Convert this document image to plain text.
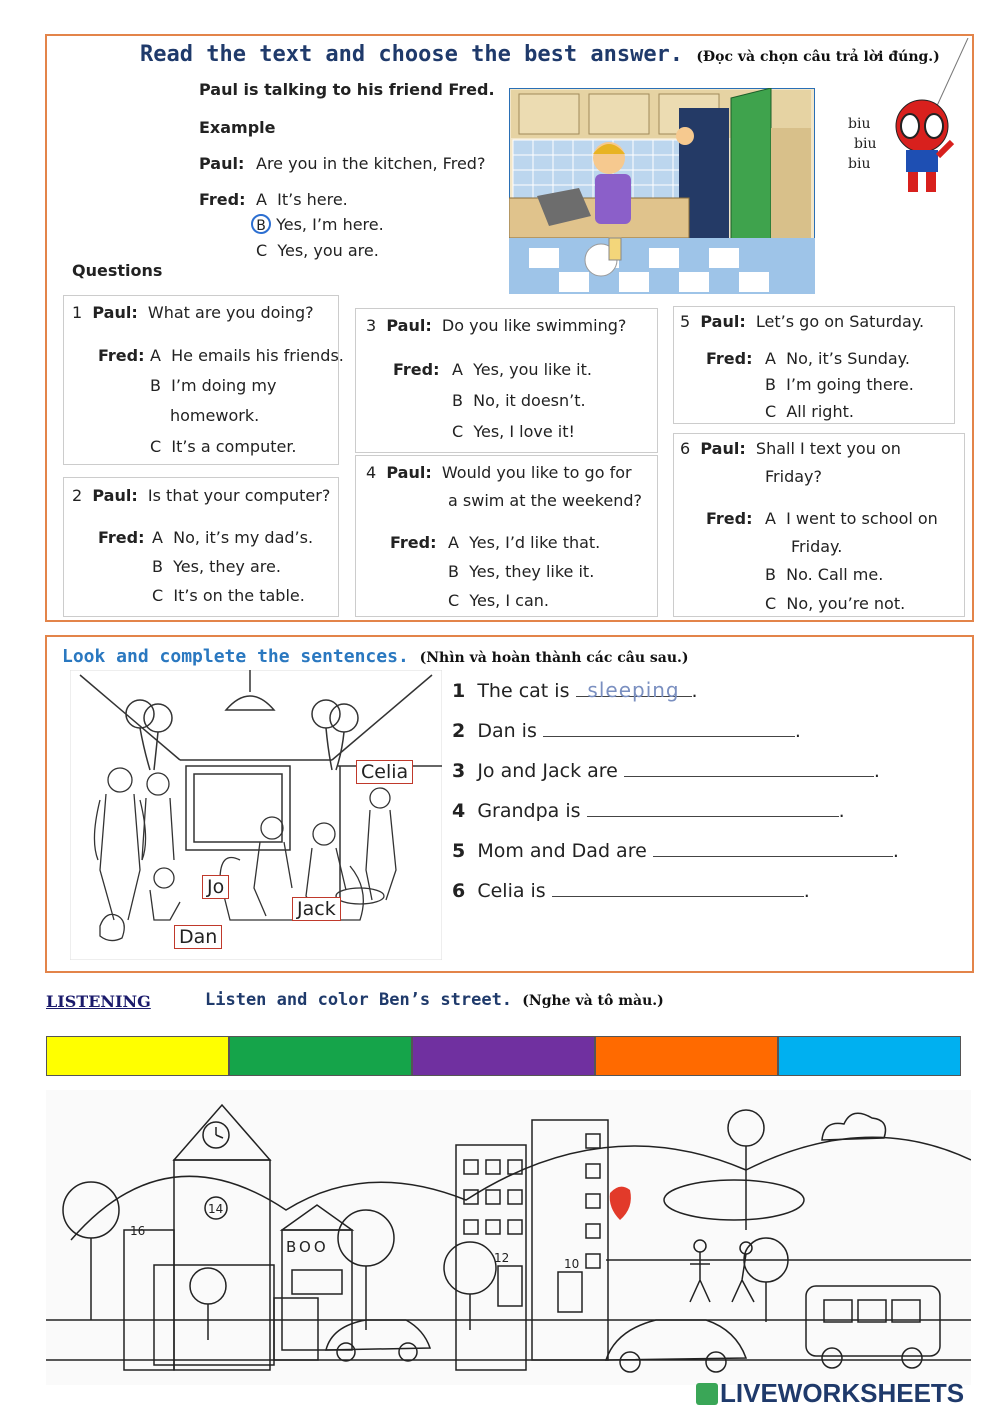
Read the text and choose the best answer. (Đọc và chọn câu trả lời đúng.)
Paul is talking to his friend Fred.
Example
Paul: Are you in the kitchen, Fred?
Fred: A It’s here.
B Yes, I’m here.
C Yes, you are.
biu
biu
biu
Questions
1 Paul: What are you doing?
Fred: A He emails his friends.
B I’m doing my
homework.
C It’s a computer.
2 Paul: Is that your computer?
Fred: A No, it’s my dad’s.
B Yes, they are.
C It’s on the table.
3 Paul: Do you like swimming?
Fred: A Yes, you like it.
B No, it doesn’t.
C Yes, I love it!
4 Paul: Would you like to go for
a swim at the weekend?
Fred: A Yes, I’d like that.
B Yes, they like it.
C Yes, I can.
5 Paul: Let’s go on Saturday.
Fred: A No, it’s Sunday.
B I’m going there.
C All right.
6 Paul: Shall I text you on
Friday?
Fred: A I went to school on
Friday.
B No. Call me.
C No, you’re not.
Look and complete the sentences. (Nhìn và hoàn thành các câu sau.)
Celia
Jo
Jack
Dan
1 The cat is sleeping .
2 Dan is	.
3 Jo and Jack are	.
4 Grandpa is	.
5 Mom and Dad are	.
6 Celia is	.
LISTENING	Listen and color Ben’s street. (Nghe và tô màu.)
16
14
12	10
BOO
LIVEWORKSHEETS
